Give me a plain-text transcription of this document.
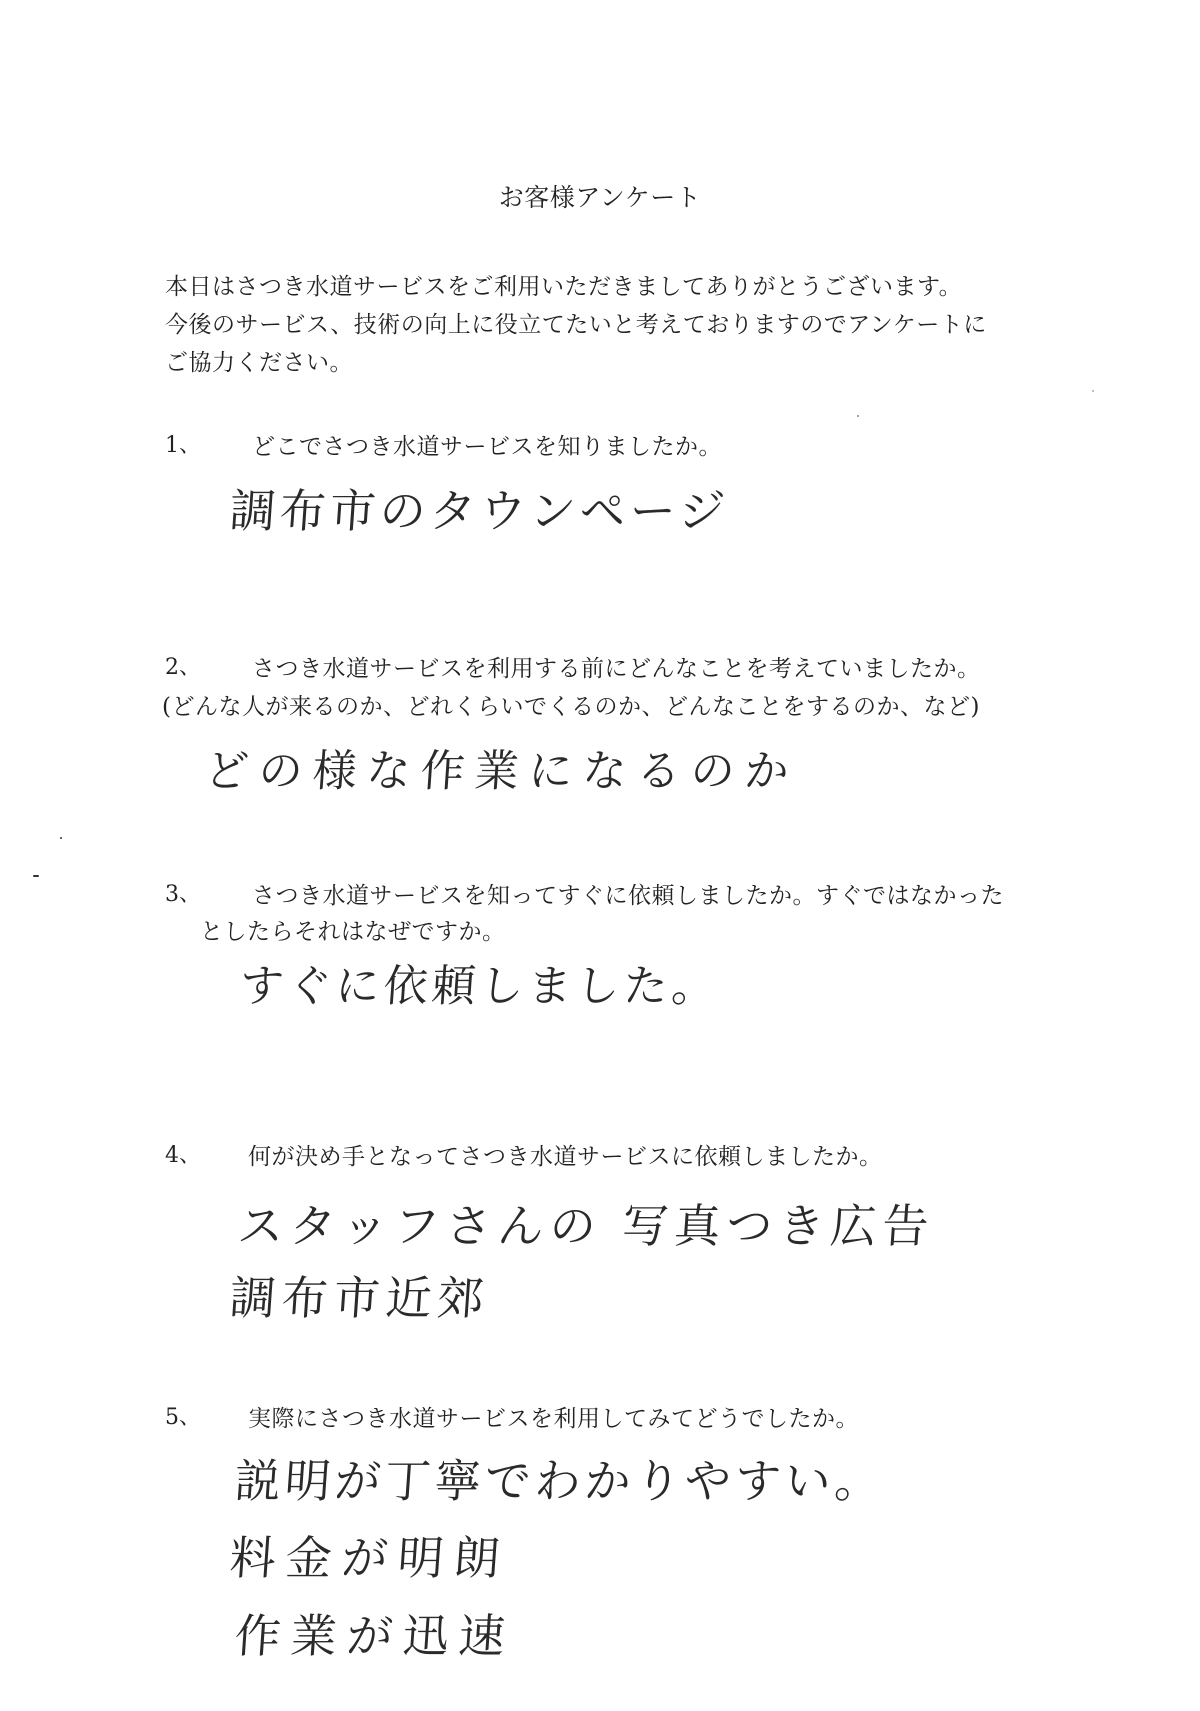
お客様アンケート
本日はさつき水道サービスをご利用いただきましてありがとうございます。
今後のサービス、技術の向上に役立てたいと考えておりますのでアンケートに
ご協力ください。
1、 どこでさつき水道サービスを知りましたか。
調布市のタウンページ
2、 さつき水道サービスを利用する前にどんなことを考えていましたか。
(どんな人が来るのか、どれくらいでくるのか、どんなことをするのか、など)
どの様な作業になるのか
3、 さつき水道サービスを知ってすぐに依頼しましたか。すぐではなかった
としたらそれはなぜですか。
すぐに依頼しました。
4、 何が決め手となってさつき水道サービスに依頼しましたか。
スタッフさんの 写真つき広告
調布市近郊
5、 実際にさつき水道サービスを利用してみてどうでしたか。
説明が丁寧でわかりやすい。
料金が明朗
作業が迅速
